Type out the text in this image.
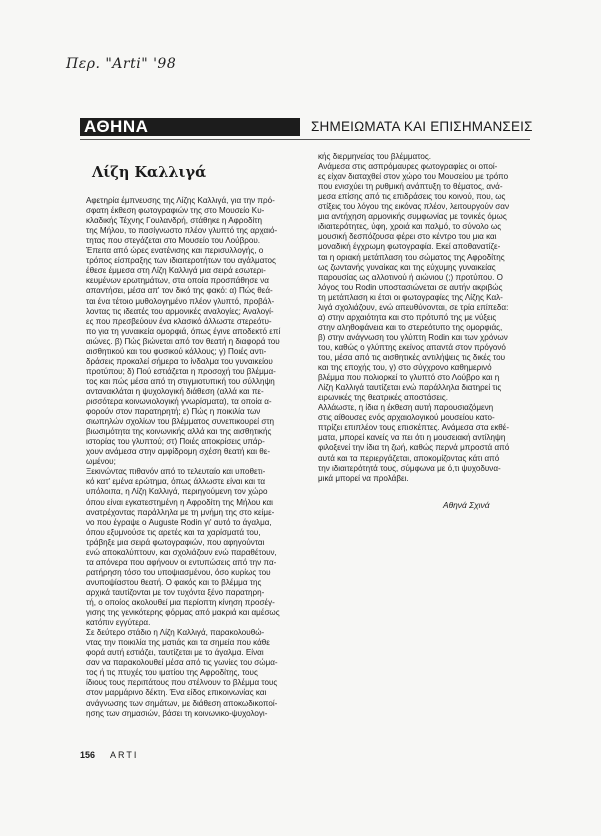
Περ. "Arti" '98
ΑΘΗΝΑ	ΣΗΜΕΙΩΜΑΤΑ ΚΑΙ ΕΠΙΣΗΜΑΝΣΕΙΣ
Λίζη Καλλιγά
Αφετηρία έμπνευσης της Λίζης Καλλιγά, για την πρό-
σφατη έκθεση φωτογραφιών της στο Μουσείο Κυ-
κλαδικής Τέχνης Γουλανδρή, στάθηκε η Αφροδίτη
της Μήλου, το πασίγνωστο πλέον γλυπτό της αρχαιό-
τητας που στεγάζεται στο Μουσείο του Λούβρου.
Έπειτα από ώρες ενατένισης και περισυλλογής, ο
τρόπος είσπραξης των ιδιαιτεροτήτων του αγάλματος
έθεσε έμμεσα στη Λίζη Καλλιγά μια σειρά εσωτερι-
κευμένων ερωτημάτων, στα οποία προσπάθησε να
απαντήσει, μέσα απ' τον δικό της φακό: α) Πώς θεά-
ται ένα τέτοιο μυθολογημένο πλέον γλυπτό, προβάλ-
λοντας τις ιδεατές του αρμονικές αναλογίες; Αναλογί-
ες που πρεσβεύουν ένα κλασικό άλλωστε στερεότυ-
πο για τη γυναικεία ομορφιά, όπως έγινε αποδεκτό επί
αιώνες. β) Πώς βιώνεται από τον θεατή η διαφορά του
αισθητικού και του φυσικού κάλλους; γ) Ποιές αντι-
δράσεις προκαλεί σήμερα το ίνδαλμα του γυναικείου
προτύπου; δ) Πού εστιάζεται η προσοχή του βλέμμα-
τος και πώς μέσα από τη στιγμιοτυπική του σύλληψη
αντανακλάται η ψυχολογική διάθεση (αλλά και πε-
ρισσότερα κοινωνιολογική γνωρίσματα), τα οποία α-
φορούν στον παρατηρητή; ε) Πώς η ποικιλία των
σιωπηλών σχολίων του βλέμματος συνεπικουρεί στη
βιωσιμότητα της κοινωνικής αλλά και της αισθητικής
ιστορίας του γλυπτού; στ) Ποιές αποκρίσεις υπάρ-
χουν ανάμεσα στην αμφίδρομη σχέση θεατή και θε-
ωμένου;
Ξεκινώντας πιθανόν από το τελευταίο και υποθετι-
κό κατ' εμένα ερώτημα, όπως άλλωστε είναι και τα
υπόλοιπα, η Λίζη Καλλιγά, περιηγούμενη τον χώρο
όπου είναι εγκατεστημένη η Αφροδίτη της Μήλου και
ανατρέχοντας παράλληλα με τη μνήμη της στο κείμε-
νο που έγραψε ο Auguste Rodin γι' αυτό το άγαλμα,
όπου εξυμνούσε τις αρετές και τα χαρίσματά του,
τράβηξε μια σειρά φωτογραφιών, που αφηγούνται
ενώ αποκαλύπτουν, και σχολιάζουν ενώ παραθέτουν,
τα απόνερα που αφήνουν οι εντυπώσεις από την πα-
ρατήρηση τόσο του υποψιασμένου, όσο κυρίως του
ανυποψίαστου θεατή. Ο φακός και το βλέμμα της
αρχικά ταυτίζονται με τον τυχόντα ξένο παρατηρη-
τή, ο οποίος ακολουθεί μια περίοπτη κίνηση προσέγ-
γισης της γενικότερης φόρμας από μακριά και αμέσως
κατόπιν εγγύτερα.
Σε δεύτερο στάδιο η Λίζη Καλλιγά, παρακολουθώ-
ντας την ποικιλία της ματιάς και τα σημεία που κάθε
φορά αυτή εστιάζει, ταυτίζεται με το άγαλμα. Είναι
σαν να παρακολουθεί μέσα από τις γωνίες του σώμα-
τος ή τις πτυχές του ιματίου της Αφροδίτης, τους
ίδιους τους περιπάτους που στέλνουν το βλέμμα τους
στον μαρμάρινο δέκτη. Ένα είδος επικοινωνίας και
ανάγνωσης των σημάτων, με διάθεση αποκωδικοποί-
ησης των σημασιών, βάσει τη κοινωνικο-ψυχολογι-
κής διερμηνείας του βλέμματος.
Ανάμεσα στις ασπρόμαυρες φωτογραφίες οι οποί-
ες είχαν διαταχθεί στον χώρο του Μουσείου με τρόπο
που ενισχύει τη ρυθμική ανάπτυξη το θέματος, ανά-
μεσα επίσης από τις επιδράσεις του κοινού, που, ως
στίξεις του λόγου της εικόνας πλέον, λειτουργούν σαν
μια αντήχηση αρμονικής συμφωνίας με τονικές όμως
ιδιαιτερότητες, ύφη, χροιά και παλμό, το σύνολο ως
μουσική δεσπόζουσα φέρει στο κέντρο του μια και
μοναδική έγχρωμη φωτογραφία. Εκεί αποθανατίζε-
ται η οριακή μετάπλαση του σώματος της Αφροδίτης
ως ζωντανής γυναίκας και της εύχυμης γυναικείας
παρουσίας ως αλλοτινού ή αιώνιου (;) προτύπου. Ο
λόγος του Rodin υποστασιώνεται σε αυτήν ακριβώς
τη μετάπλαση κι έτσι οι φωτογραφίες της Λίζης Καλ-
λιγά σχολιάζουν, ενώ απευθύνονται, σε τρία επίπεδα:
α) στην αρχαιότητα και στο πρότυπό της με νύξεις
στην αληθοφάνεια και το στερεότυπο της ομορφιάς,
β) στην ανάγνωση του γλύπτη Rodin και των χρόνων
του, καθώς ο γλύπτης εκείνος απαντά στον πρόγονό
του, μέσα από τις αισθητικές αντιλήψεις τις δικές του
και της εποχής του, γ) στο σύγχρονο καθημερινό
βλέμμα που πολιορκεί το γλυπτό στο Λούβρο και η
Λίζη Καλλιγά ταυτίζεται ενώ παράλληλα διατηρεί τις
ειρωνικές της θεατρικές αποστάσεις.
Αλλάωστε, η ίδια η έκθεση αυτή παρουσιαζόμενη
στις αίθουσες ενός αρχαιολογικού μουσείου κατο-
πτρίζει επιπλέον τους επισκέπτες. Ανάμεσα στα εκθέ-
ματα, μπορεί κανείς να πει ότι η μουσειακή αντίληψη
φιλοξενεί την ίδια τη ζωή, καθώς περνά μπροστά από
αυτά και τα περιεργάζεται, αποκομίζοντας κάτι από
την ιδιαιτερότητά τους, σύμφωνα με ό,τι ψυχοδυνα-
μικά μπορεί να προλάβει.
Αθηνά Σχινά
156 ARTI
